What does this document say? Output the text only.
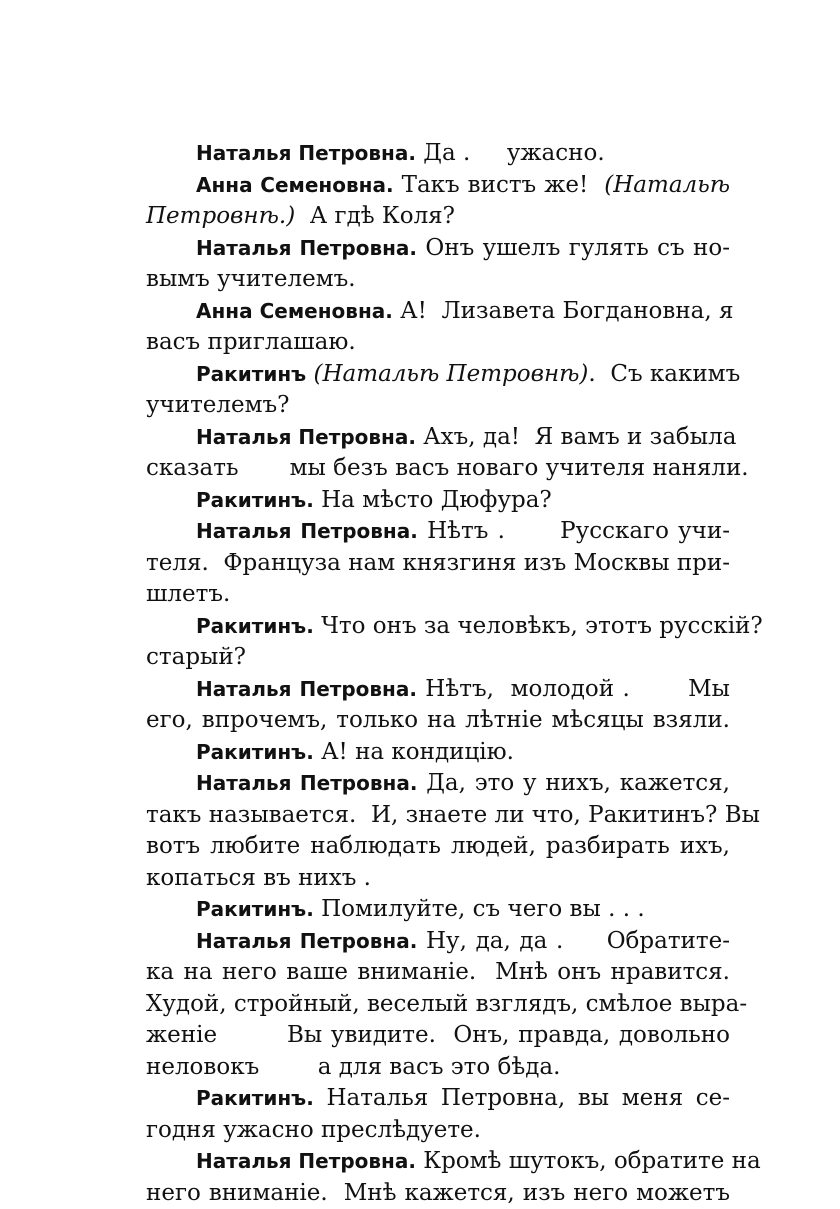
Наталья Петровна. Да .     ужасно.
Анна Семеновна. Такъ вистъ же!  (Натальѣ
Петровнѣ.)  А гдѣ Коля?
Наталья Петровна. Онъ ушелъ гулять съ но-
вымъ учителемъ.
Анна Семеновна. А!  Лизавета Богдановна, я
васъ приглашаю.
Ракитинъ (Натальѣ Петровнѣ).  Съ какимъ
учителемъ?
Наталья Петровна. Ахъ, да!  Я вамъ и забыла
сказать       мы безъ васъ новаго учителя наняли.
Ракитинъ. На мѣсто Дюфура?
Наталья Петровна. Нѣтъ .      Русскаго учи-
теля.  Француза нам князгиня изъ Москвы при-
шлетъ.
Ракитинъ. Что онъ за человѣкъ, этотъ русскій?
старый?
Наталья Петровна. Нѣтъ,  молодой .       Мы
его, впрочемъ, только на лѣтніе мѣсяцы взяли.
Ракитинъ. А! на кондицію.
Наталья Петровна. Да, это у нихъ, кажется,
такъ называется.  И, знаете ли что, Ракитинъ? Вы
вотъ любите наблюдать людей, разбирать ихъ,
копаться въ нихъ .
Ракитинъ. Помилуйте, съ чего вы . . .
Наталья Петровна. Ну, да, да .     Обратите-
ка на него ваше вниманіе.  Мнѣ онъ нравится.
Худой, стройный, веселый взглядъ, смѣлое выра-
женіе        Вы увидите.  Онъ, правда, довольно
неловокъ        а для васъ это бѣда.
Ракитинъ. Наталья Петровна, вы меня се-
годня ужасно преслѣдуете.
Наталья Петровна. Кромѣ шутокъ, обратите на
него вниманіе.  Мнѣ кажется, изъ него можетъ
